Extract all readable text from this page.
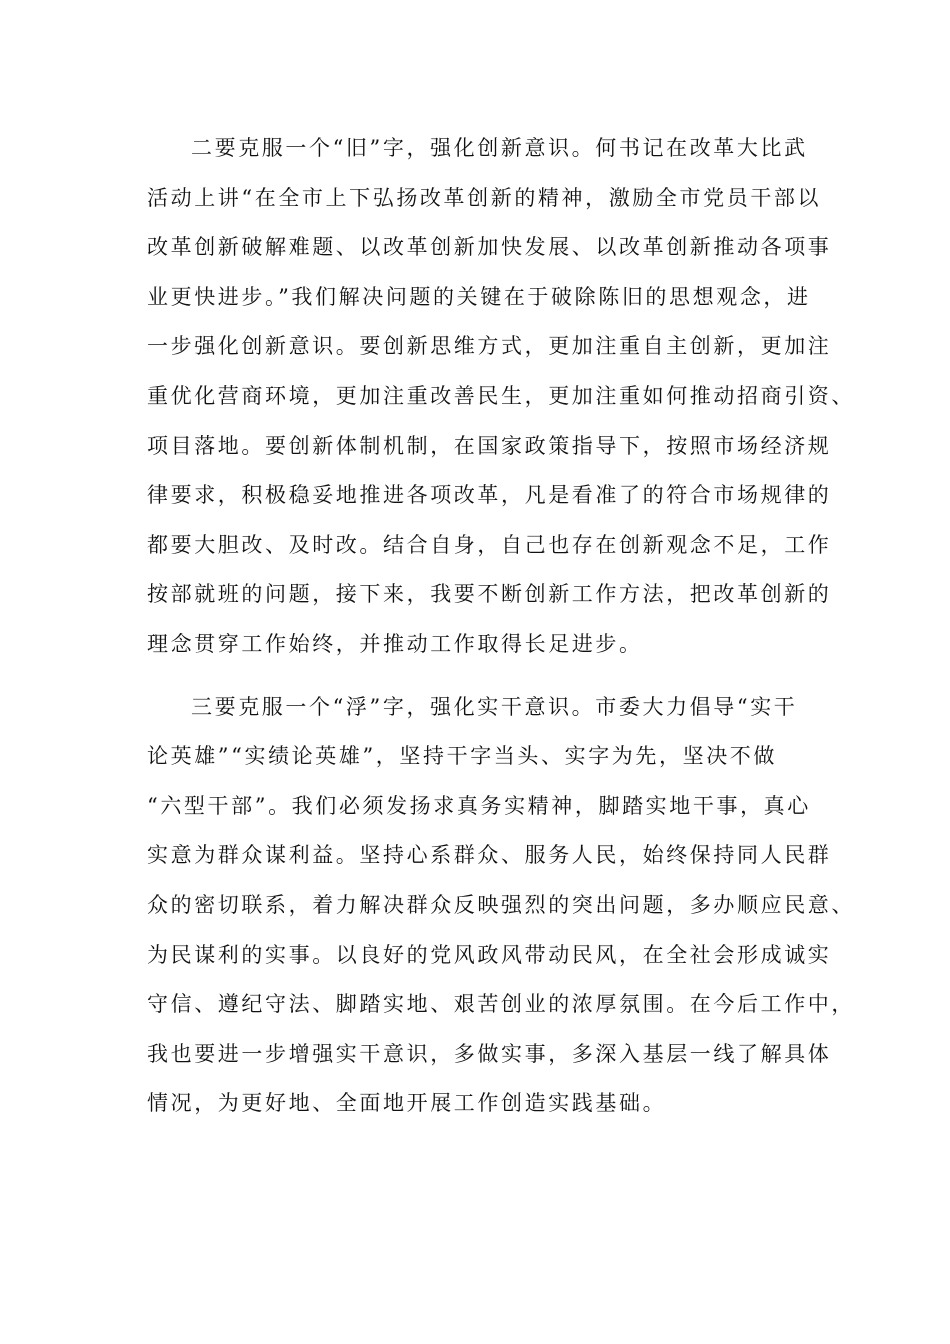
二要克服一个“旧”字，强化创新意识。何书记在改革大比武
活动上讲“在全市上下弘扬改革创新的精神，激励全市党员干部以
改革创新破解难题、以改革创新加快发展、以改革创新推动各项事
业更快进步。”我们解决问题的关键在于破除陈旧的思想观念，进
一步强化创新意识。要创新思维方式，更加注重自主创新，更加注
重优化营商环境，更加注重改善民生，更加注重如何推动招商引资、
项目落地。要创新体制机制，在国家政策指导下，按照市场经济规
律要求，积极稳妥地推进各项改革，凡是看准了的符合市场规律的
都要大胆改、及时改。结合自身，自己也存在创新观念不足，工作
按部就班的问题，接下来，我要不断创新工作方法，把改革创新的
理念贯穿工作始终，并推动工作取得长足进步。
三要克服一个“浮”字，强化实干意识。市委大力倡导“实干
论英雄”“实绩论英雄”，坚持干字当头、实字为先，坚决不做
“六型干部”。我们必须发扬求真务实精神，脚踏实地干事，真心
实意为群众谋利益。坚持心系群众、服务人民，始终保持同人民群
众的密切联系，着力解决群众反映强烈的突出问题，多办顺应民意、
为民谋利的实事。以良好的党风政风带动民风，在全社会形成诚实
守信、遵纪守法、脚踏实地、艰苦创业的浓厚氛围。在今后工作中，
我也要进一步增强实干意识，多做实事，多深入基层一线了解具体
情况，为更好地、全面地开展工作创造实践基础。
